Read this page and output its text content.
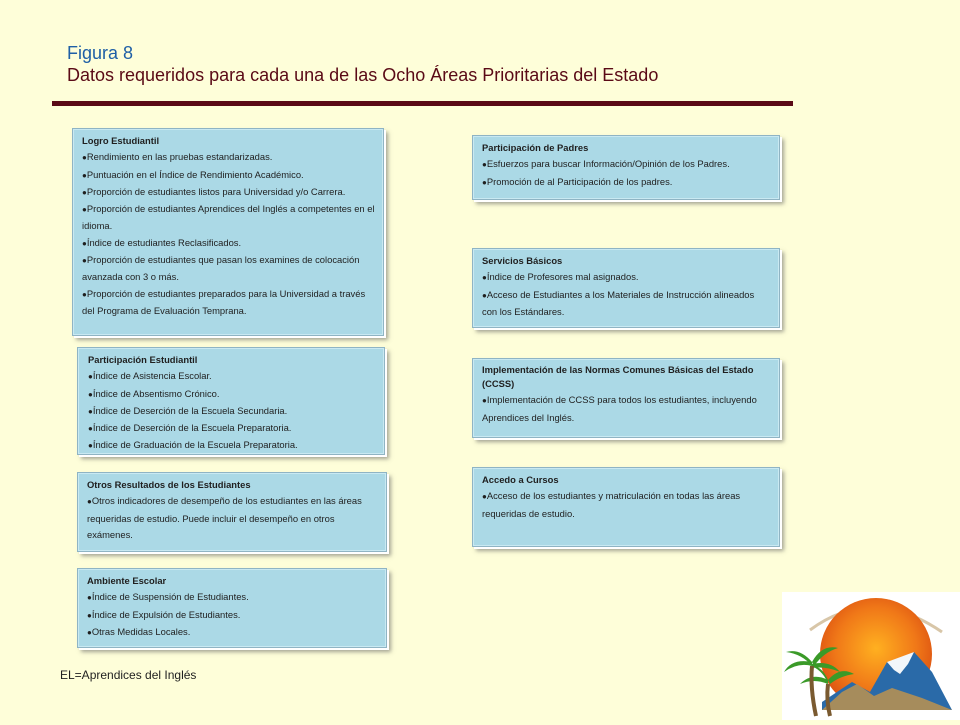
Figura 8
Datos requeridos para cada una de las Ocho Áreas Prioritarias del Estado
Logro Estudiantil
●Rendimiento en las pruebas estandarizadas.
●Puntuación en el Índice de Rendimiento Académico.
●Proporción de estudiantes listos para Universidad y/o Carrera.
●Proporción de estudiantes Aprendices del Inglés a competentes en el idioma.
●Índice de estudiantes Reclasificados.
●Proporción de estudiantes que pasan los examines de colocación avanzada con 3 o más.
●Proporción de estudiantes preparados para la Universidad a través del Programa de Evaluación Temprana.
Participación Estudiantil
●Índice de Asistencia Escolar.
●Índice de Absentismo Crónico.
●Índice de Deserción de la Escuela Secundaria.
●Índice de Deserción de la Escuela Preparatoria.
●Índice de Graduación de la Escuela Preparatoria.
Otros Resultados de los Estudiantes
●Otros indicadores de desempeño de los estudiantes en las áreas requeridas de estudio. Puede incluir el desempeño en otros exámenes.
Ambiente Escolar
●Índice de Suspensión de Estudiantes.
●Índice de Expulsión de Estudiantes.
●Otras Medidas Locales.
Participación de Padres
●Esfuerzos para buscar Información/Opinión de los Padres.
●Promoción de al Participación de los padres.
Servicios Básicos
●Índice de Profesores mal asignados.
●Acceso de Estudiantes a los Materiales de Instrucción alineados con los Estándares.
Implementación de las Normas Comunes Básicas del Estado (CCSS)
●Implementación de CCSS para todos los estudiantes, incluyendo Aprendices del Inglés.
Accedo a Cursos
●Acceso de los estudiantes y matriculación en todas las áreas requeridas de estudio.
EL=Aprendices del Inglés
